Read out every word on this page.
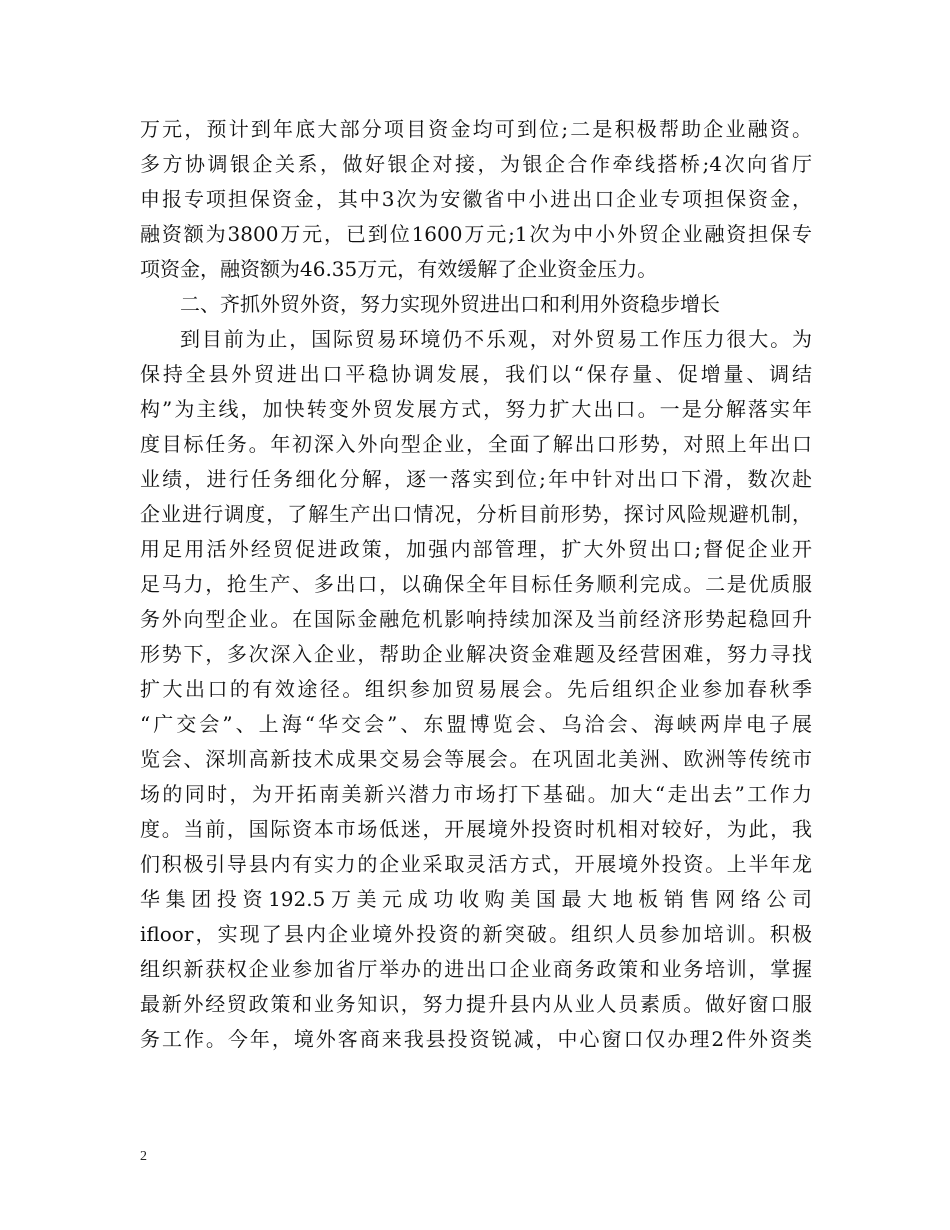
万元，预计到年底大部分项目资金均可到位;二是积极帮助企业融资。
多方协调银企关系，做好银企对接，为银企合作牵线搭桥;4次向省厅
申报专项担保资金，其中3次为安徽省中小进出口企业专项担保资金，
融资额为3800万元，已到位1600万元;1次为中小外贸企业融资担保专
项资金，融资额为46.35万元，有效缓解了企业资金压力。
二、齐抓外贸外资，努力实现外贸进出口和利用外资稳步增长
到目前为止，国际贸易环境仍不乐观，对外贸易工作压力很大。为
保持全县外贸进出口平稳协调发展，我们以“保存量、促增量、调结
构”为主线，加快转变外贸发展方式，努力扩大出口。一是分解落实年
度目标任务。年初深入外向型企业，全面了解出口形势，对照上年出口
业绩，进行任务细化分解，逐一落实到位;年中针对出口下滑，数次赴
企业进行调度，了解生产出口情况，分析目前形势，探讨风险规避机制，
用足用活外经贸促进政策，加强内部管理，扩大外贸出口;督促企业开
足马力，抢生产、多出口，以确保全年目标任务顺利完成。二是优质服
务外向型企业。在国际金融危机影响持续加深及当前经济形势起稳回升
形势下，多次深入企业，帮助企业解决资金难题及经营困难，努力寻找
扩大出口的有效途径。组织参加贸易展会。先后组织企业参加春秋季
“广交会”、上海“华交会”、东盟博览会、乌洽会、海峡两岸电子展
览会、深圳高新技术成果交易会等展会。在巩固北美洲、欧洲等传统市
场的同时，为开拓南美新兴潜力市场打下基础。加大“走出去”工作力
度。当前，国际资本市场低迷，开展境外投资时机相对较好，为此，我
们积极引导县内有实力的企业采取灵活方式，开展境外投资。上半年龙
华集团投资192.5万美元成功收购美国最大地板销售网络公司
ifloor，实现了县内企业境外投资的新突破。组织人员参加培训。积极
组织新获权企业参加省厅举办的进出口企业商务政策和业务培训，掌握
最新外经贸政策和业务知识，努力提升县内从业人员素质。做好窗口服
务工作。今年，境外客商来我县投资锐减，中心窗口仅办理2件外资类
2
